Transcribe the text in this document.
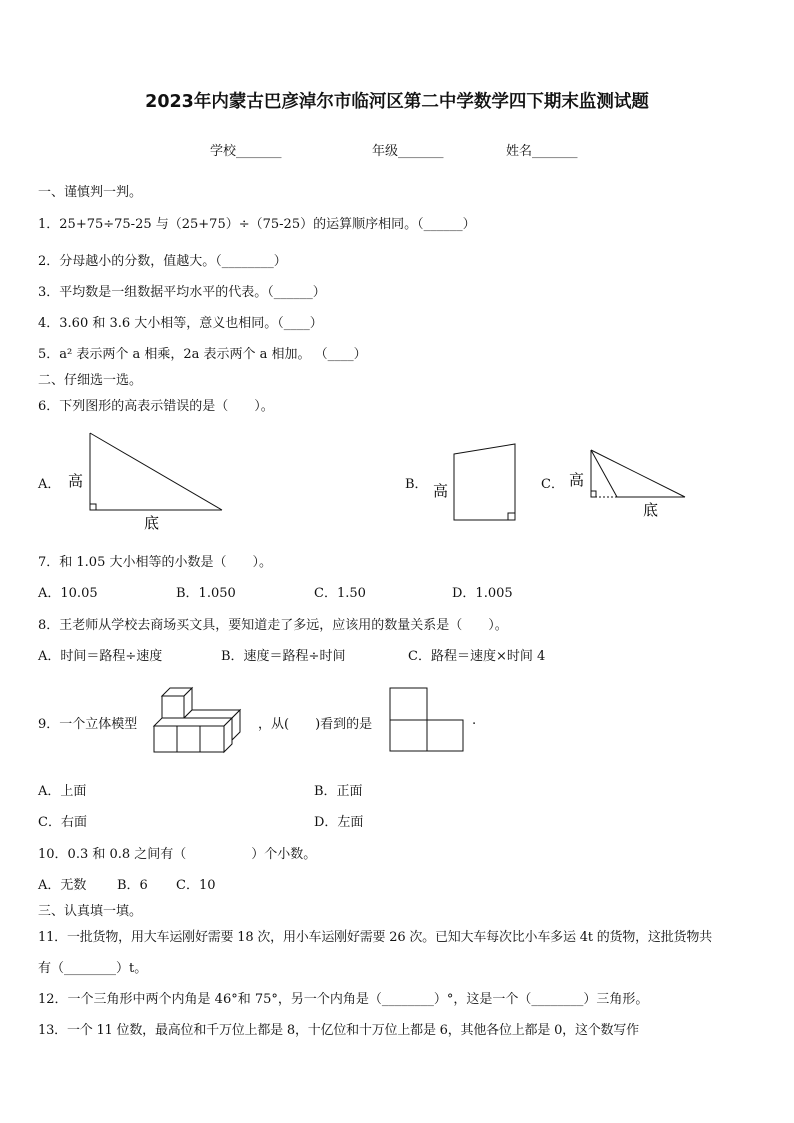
2023年内蒙古巴彦淖尔市临河区第二中学数学四下期末监测试题
学校_______	年级_______	姓名_______
一、谨慎判一判。
1．25+75÷75-25 与（25+75）÷（75-25）的运算顺序相同。（______）
2．分母越小的分数，值越大。（________）
3．平均数是一组数据平均水平的代表。（______）
4．3.60 和 3.6 大小相等，意义也相同。（____）
5．a² 表示两个 a 相乘，2a 表示两个 a 相加。 （____）
二、仔细选一选。
6．下列图形的高表示错误的是（　　）。
A． 高
底
B． 高	C． 高
底
7．和 1.05 大小相等的小数是（　　）。
A．10.05	B．1.050	C．1.50	D．1.005
8．王老师从学校去商场买文具，要知道走了多远，应该用的数量关系是（　　）。
A．时间＝路程÷速度	B．速度＝路程÷时间	C．路程＝速度×时间 4
9．一个立体模型	，从(　　)看到的是	.
A．上面	B．正面
C．右面	D．左面
10．0.3 和 0.8 之间有（　　　　　）个小数。
A．无数 B．6 C．10
三、认真填一填。
11．一批货物，用大车运刚好需要 18 次，用小车运刚好需要 26 次。已知大车每次比小车多运 4t 的货物，这批货物共
有（________）t。
12．一个三角形中两个内角是 46°和 75°，另一个内角是（________）°，这是一个（________）三角形。
13．一个 11 位数，最高位和千万位上都是 8，十亿位和十万位上都是 6，其他各位上都是 0，这个数写作
